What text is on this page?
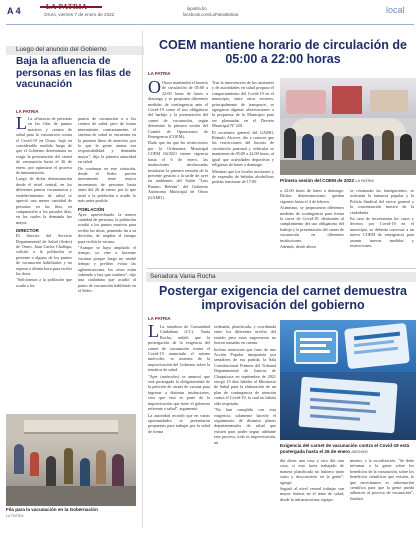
A 4	LA PATRIA
Oruro, viernes 7 de enero de 2022
lapatria.bo
facebook.com/LaPatriaBolivia	local
Luego del anuncio del Gobierno
Baja la afluencia de personas en las filas de vacunación
LA PATRIA
L La afluencia de personas en las filas de puntos masivos y centros de salud para la vacunación contra el Covid-19 en Oruro, bajó en considerable medida luego de que el Gobierno determinara no exigir la presentación del carnet de vacunación hasta el 26 de enero, por optimizar el proceso de inmunización.
Luego de dicha determinación desde el nivel central, en los diferentes puntos vacunatorios y establecimientos de salud se apreció una menor cantidad de personas en las filas, en comparación a los pasados días, en los cuales la demanda fue mayor.
DIRECTOR
El director del Servicio Departamental de Salud (Sedes) de Oruro, Juan Carlos Challapa, solicitó a la población se presente a alguno de los puntos de vacunación habilitados y no esperar a última hora para recibir las dosis.
"Solicitamos a la población que acuda a los
puntos de vacunación o a los centros de salud, pero de forma intermitente, contrariamente, el sistema de salud se encuentra en la primera línea de atención, por lo que la gente asuma esa responsabilidad y demanda mayor", dijo la primera autoridad en salud.
De continuar en este situación, desde el Sedes prevén nuevamente tener mayor incremento de personas hasta antes del 26 de enero, por lo que instó a la población a acudir lo más antes posible.
POBLACIÓN
Ayer, aprovechando la menor cantidad de personas, la población acudió a los puntos masivos para recibir las dosis, poniendo fin a su decisión, de ampliar el tiempo para recibir la vacuna.
"Aunque se haya ampliado el tiempo, yo vine a hacerme vacunar porque luego no tendré tiempo y prefiero evitar las aglomeraciones, los casos están subiendo y hay que cuidarse", dijo una ciudadana que acudió al punto de vacunación habilitado en el Sedes.
Fila para la vacunación en la Gobernación
LA PATRIA
COEM mantiene horario de circulación de 05:00 a 22:00 horas
LA PATRIA
O Oruro mantendrá el horario de circulación de 05:00 a 22:00 horas de lunes a domingo y se proponen diferentes medidas de contingencia ante el Covid-19 como el uso obligatorio del barbijo y la presentación del carnet de vacunación, según determinó la primera sesión del Comité de Operaciones de Emergencia (COEM).
Dado que las que las restricciones por la Ordenanza Municipal COEM 04/2021 tienen vigencia hasta el 6 de enero, las instituciones involucradas instalaron la primera reunión de la presente gestión a la tarde de ayer en ambientes del Salón "Luis Ramiro Beltrán" del Gobierno Autónomo Municipal de Oruro (GAMO).
Tras la intervención de los asistentes y de autoridades en salud propuso el comportamiento del Covid-19 en el municipio, entre otros sectores, principalmente de transporte, se agregaron algunas observaciones a la propuesta de la Municipio para ser plasmadas en el Decreto Municipal Nº 220.
El secretario general del GAMO, Rómulo Alcocer, dio a conocer que las restricciones del horario de circulación peatonal y vehicular se mantienen de 05:00 a 22:00 horas, al igual que actividades deportivas y religiosas de lunes a domingo.
Mientras que los locales nocturnos y de expendio de bebidas alcohólicas podrán funcionar de 17:00	Primera sesión del COEM de 2022 LA PATRIA
a 22:00 horas de lunes a domingo. Dichas determinaciones quedan vigentes hasta el 4 de febrero.
Asimismo, se propusieron diferentes medidas de contingencia para frenar la curva de Covid-19, destinadas al cumplimiento del uso obligatorio del barbijo y la presentación del carnet de vacunación en diferentes instituciones.
Además, desde ahora
se retomarán las fumigaciones, se activarán la farmacia popular y la Policía Sindical del sector general y la concentración masiva de la ciudadanía.
En caso de incrementar los casos y decesos por Covid-19 en el municipio, se deberán convocar a un nuevo COEM de emergencia para asumir nuevas medidas y restricciones.
Senadora Vania Rocha
Postergar exigencia del carnet demuestra improvisación del gobierno
LA PATRIA
L La senadora de Comunidad Ciudadana (CC), Vania Rocha, señaló que la postergación de la exigencia del carnet de vacunación contra el Covid-19 anunciada el mismo miércoles, es muestra de la improvisación del Gobierno sobre la temática de salud.
"Ayer (miércoles) se anunció que está postergada la obligatoriedad de la petición de carnet de vacuna para ingresar a distintas instituciones, creo que esto es parte de la improvisación que tiene el gobierno referente a salud", argumentó.
La autoridad recordó que en varias oportunidades se presentaron propuestas para trabajar por la salud de forma
ordenada, planificada, y coordinada entre los diferentes niveles del estado, pero estas sugerencias no fueron tomadas en cuenta.
Incluso mencionó que fruto de una Acción Popular interpuesta por senadores de esa partida, la Sala Constitucional Primera del Tribunal Departamental de Justicia de Chuquisaca en septiembre de 2021 otorgó 15 días hábiles al Ministerio de Salud para la elaboración de un plan de contingencia de atención contra el Covid-19, la cual no habría sido respetada.
"No han cumplido con esta exigencia, solamente hacerlo el seguimiento de distintos planes departamentales de salud que existen para poder seguir adelante este proceso, todo es improvisación, un
Exigencia del carnet de vacunación contra el Covid-19 está postergada hasta el 26 de enero ARCHIVO
día dicen una cosa y otro día otra cosa, si esto fuera trabajado de manera planificada no hubiera tanto susto y desconcierto en la gente", agregó.
Sugirió al nivel central trabajar con mayor énfasis en el tema de salud, desde la infraestructura, equipa-
miento, y la socialización. "Se debe informar a la gente sobre los beneficios de la vacunación, sobre los beneficios científicos que existen, lo que necesitamos es información científica para que la gente pueda adherirse al proceso de vacunación", finalizó.
